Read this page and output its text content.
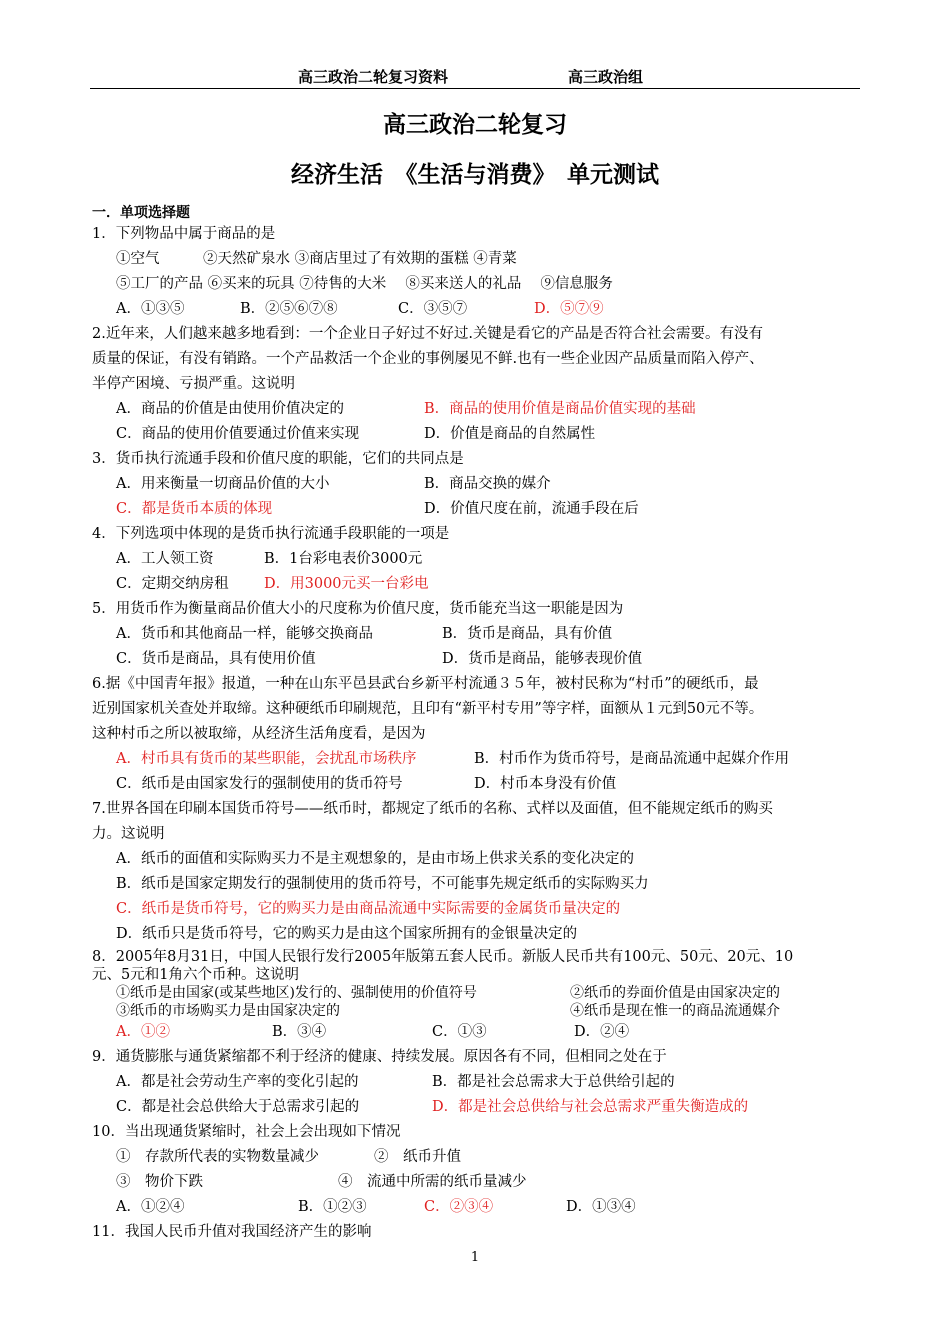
高三政治二轮复习资料	高三政治组
高三政治二轮复习
经济生活　《生活与消费》　单元测试
一．单项选择题
1．下列物品中属于商品的是
①空气　　　②天然矿泉水 ③商店里过了有效期的蛋糕 ④青菜
⑤工厂的产品 ⑥买来的玩具 ⑦待售的大米　 ⑧买来送人的礼品　 ⑨信息服务
A．①③⑤	B．②⑤⑥⑦⑧	C．③⑤⑦	D．⑤⑦⑨
2.近年来，人们越来越多地看到：一个企业日子好过不好过.关键是看它的产品是否符合社会需要。有没有
质量的保证，有没有销路。一个产品救活一个企业的事例屡见不鲜.也有一些企业因产品质量而陷入停产、
半停产困境、亏损严重。这说明
A．商品的价值是由使用价值决定的	B．商品的使用价值是商品价值实现的基础
C．商品的使用价值要通过价值来实现	D．价值是商品的自然属性
3．货币执行流通手段和价值尺度的职能，它们的共同点是
A．用来衡量一切商品价值的大小	B．商品交换的媒介
C．都是货币本质的体现	D．价值尺度在前，流通手段在后
4．下列选项中体现的是货币执行流通手段职能的一项是
A．工人领工资	B．1台彩电表价3000元
C．定期交纳房租 D．用3000元买一台彩电
5．用货币作为衡量商品价值大小的尺度称为价值尺度，货币能充当这一职能是因为
A．货币和其他商品一样，能够交换商品	B．货币是商品，具有价值
C．货币是商品，具有使用价值	D．货币是商品，能够表现价值
6.据《中国青年报》报道，一种在山东平邑县武台乡新平村流通３５年，被村民称为“村币”的硬纸币，最
近别国家机关查处并取缔。这种硬纸币印刷规范，且印有“新平村专用”等字样，面额从１元到50元不等。
这种村币之所以被取缔，从经济生活角度看，是因为
A．村币具有货币的某些职能，会扰乱市场秩序	B．村币作为货币符号，是商品流通中起媒介作用
C．纸币是由国家发行的强制使用的货币符号	D．村币本身没有价值
7.世界各国在印刷本国货币符号——纸币时，都规定了纸币的名称、式样以及面值，但不能规定纸币的购买
力。这说明
A．纸币的面值和实际购买力不是主观想象的，是由市场上供求关系的变化决定的
B．纸币是国家定期发行的强制使用的货币符号，不可能事先规定纸币的实际购买力
C．纸币是货币符号，它的购买力是由商品流通中实际需要的金属货币量决定的
D．纸币只是货币符号，它的购买力是由这个国家所拥有的金银量决定的
8．2005年8月31日，中国人民银行发行2005年版第五套人民币。新版人民币共有100元、50元、20元、10
元、5元和1角六个币种。这说明
①纸币是由国家(或某些地区)发行的、强制使用的价值符号	②纸币的券面价值是由国家决定的
③纸币的市场购买力是由国家决定的	④纸币是现在惟一的商品流通媒介
A．①②	B．③④	C．①③	D．②④
9．通货膨胀与通货紧缩都不利于经济的健康、持续发展。原因各有不同，但相同之处在于
A．都是社会劳动生产率的变化引起的	B．都是社会总需求大于总供给引起的
C．都是社会总供给大于总需求引起的	D．都是社会总供给与社会总需求严重失衡造成的
10．当出现通货紧缩时，社会上会出现如下情况
①　存款所代表的实物数量减少	②　纸币升值
③　物价下跌	④　流通中所需的纸币量减少
A．①②④	B．①②③	C．②③④	D．①③④
11．我国人民币升值对我国经济产生的影响
1
